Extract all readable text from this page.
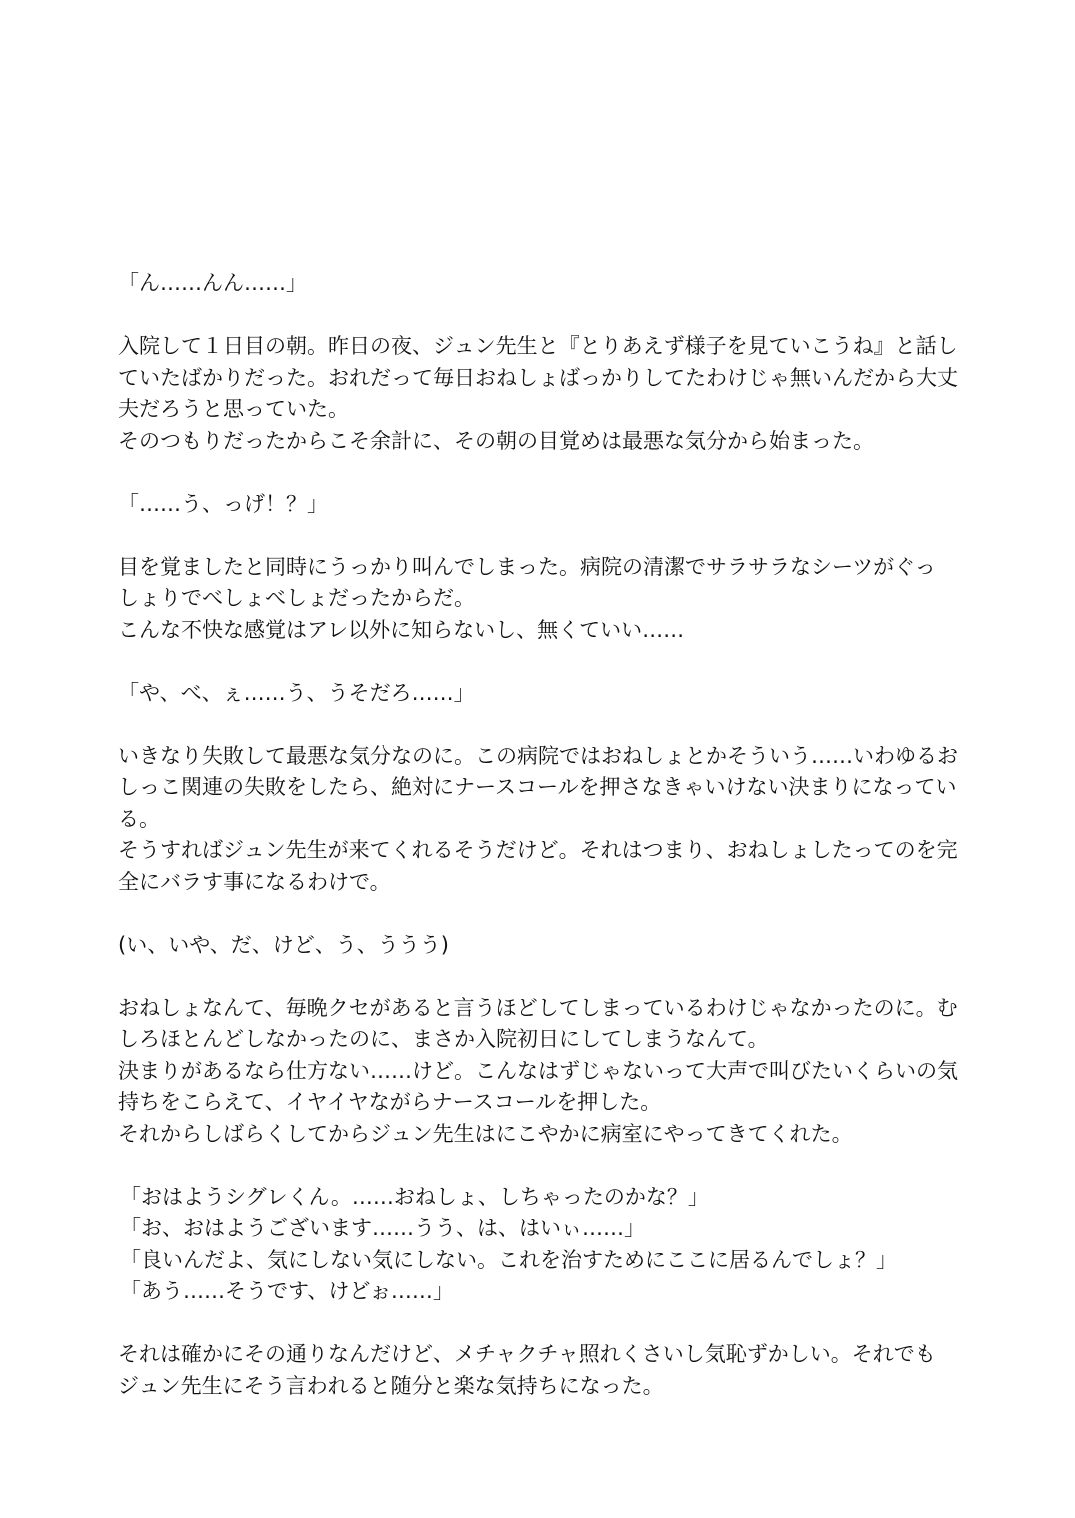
「ん……んん……」
入院して１日目の朝。昨日の夜、ジュン先生と『とりあえず様子を見ていこうね』と話し
ていたばかりだった。おれだって毎日おねしょばっかりしてたわけじゃ無いんだから大丈
夫だろうと思っていた。
そのつもりだったからこそ余計に、その朝の目覚めは最悪な気分から始まった。
「……う、っげ！？」
目を覚ましたと同時にうっかり叫んでしまった。病院の清潔でサラサラなシーツがぐっ
しょりでべしょべしょだったからだ。
こんな不快な感覚はアレ以外に知らないし、無くていい……
「や、べ、ぇ……う、うそだろ……」
いきなり失敗して最悪な気分なのに。この病院ではおねしょとかそういう……いわゆるお
しっこ関連の失敗をしたら、絶対にナースコールを押さなきゃいけない決まりになってい
る。
そうすればジュン先生が来てくれるそうだけど。それはつまり、おねしょしたってのを完
全にバラす事になるわけで。
(い、いや、だ、けど、う、ううう)
おねしょなんて、毎晩クセがあると言うほどしてしまっているわけじゃなかったのに。む
しろほとんどしなかったのに、まさか入院初日にしてしまうなんて。
決まりがあるなら仕方ない……けど。こんなはずじゃないって大声で叫びたいくらいの気
持ちをこらえて、イヤイヤながらナースコールを押した。
それからしばらくしてからジュン先生はにこやかに病室にやってきてくれた。
「おはようシグレくん。……おねしょ、しちゃったのかな？」
「お、おはようございます……うう、は、はいぃ……」
「良いんだよ、気にしない気にしない。これを治すためにここに居るんでしょ？」
「あう……そうです、けどぉ……」
それは確かにその通りなんだけど、メチャクチャ照れくさいし気恥ずかしい。それでも
ジュン先生にそう言われると随分と楽な気持ちになった。
